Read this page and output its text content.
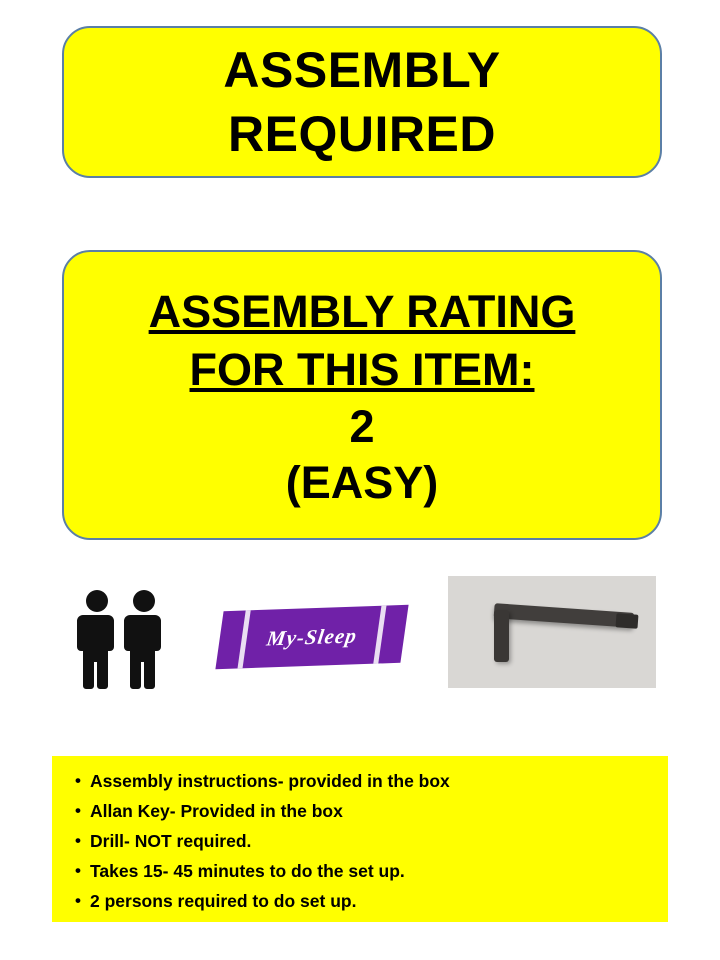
ASSEMBLY
REQUIRED
ASSEMBLY RATING
FOR THIS ITEM:
2
(EASY)
My-Sleep
• Assembly instructions- provided in the box
• Allan Key- Provided in the box
• Drill- NOT required.
• Takes 15- 45 minutes to do the set up.
• 2 persons required to do set up.
